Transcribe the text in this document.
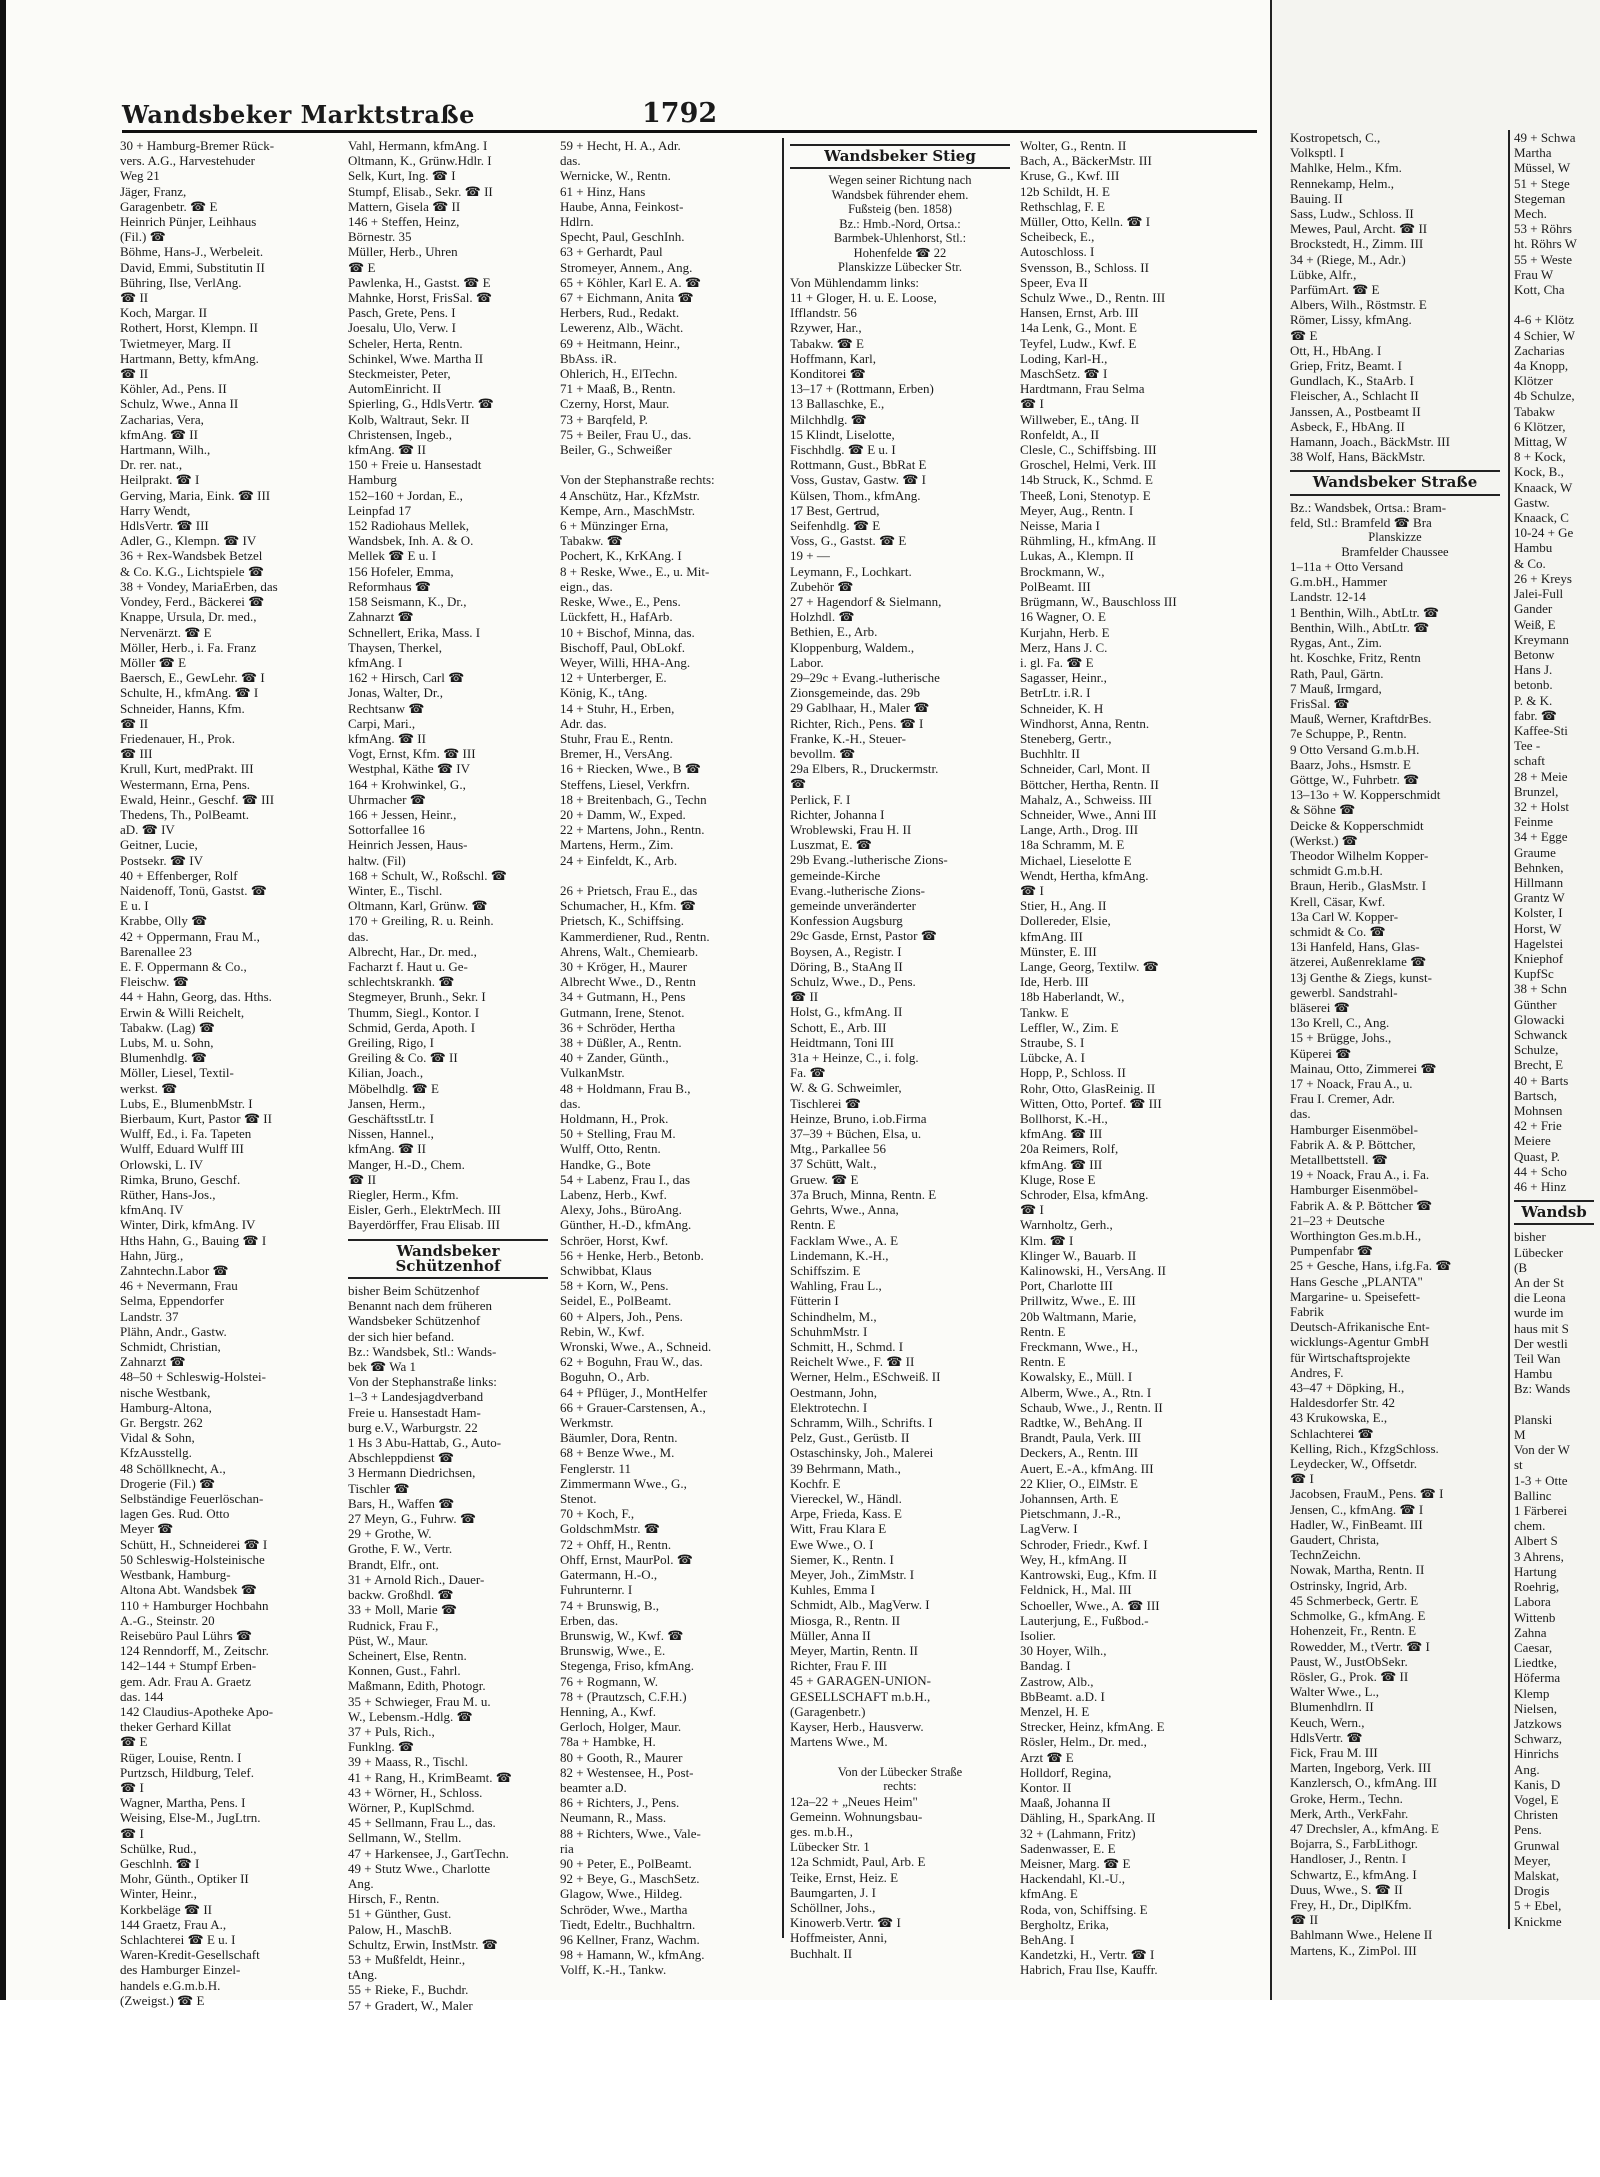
Wandsbeker Marktstraße	1792
30 + Hamburg-Bremer Rück-
vers. A.G., Harvestehuder
Weg 21
Jäger, Franz,
Garagenbetr. ☎ E
Heinrich Pünjer, Leihhaus
(Fil.) ☎
Böhme, Hans-J., Werbeleit.
David, Emmi, Substitutin II
Bühring, Ilse, VerlAng.
☎ II
Koch, Margar. II
Rothert, Horst, Klempn. II
Twietmeyer, Marg. II
Hartmann, Betty, kfmAng.
☎ II
Köhler, Ad., Pens. II
Schulz, Wwe., Anna II
Zacharias, Vera,
kfmAng. ☎ II
Hartmann, Wilh.,
Dr. rer. nat.,
Heilprakt. ☎ I
Gerving, Maria, Eink. ☎ III
Harry Wendt,
HdlsVertr. ☎ III
Adler, G., Klempn. ☎ IV
36 + Rex-Wandsbek Betzel
& Co. K.G., Lichtspiele ☎
38 + Vondey, MariaErben, das
Vondey, Ferd., Bäckerei ☎
Knappe, Ursula, Dr. med.,
Nervenärzt. ☎ E
Möller, Herb., i. Fa. Franz
Möller ☎ E
Baersch, E., GewLehr. ☎ I
Schulte, H., kfmAng. ☎ I
Schneider, Hanns, Kfm.
☎ II
Friedenauer, H., Prok.
☎ III
Krull, Kurt, medPrakt. III
Westermann, Erna, Pens.
Ewald, Heinr., Geschf. ☎ III
Thedens, Th., PolBeamt.
aD. ☎ IV
Geitner, Lucie,
Postsekr. ☎ IV
40 + Effenberger, Rolf
Naidenoff, Tonü, Gastst. ☎
E u. I
Krabbe, Olly ☎
42 + Oppermann, Frau M.,
Barenallee 23
E. F. Oppermann & Co.,
Fleischw. ☎
44 + Hahn, Georg, das. Hths.
Erwin & Willi Reichelt,
Tabakw. (Lag) ☎
Lubs, M. u. Sohn,
Blumenhdlg. ☎
Möller, Liesel, Textil-
werkst. ☎
Lubs, E., BlumenbMstr. I
Bierbaum, Kurt, Pastor ☎ II
Wulff, Ed., i. Fa. Tapeten
Wulff, Eduard Wulff III
Orlowski, L. IV
Rimka, Bruno, Geschf.
Rüther, Hans-Jos.,
kfmAnq. IV
Winter, Dirk, kfmAng. IV
Hths Hahn, G., Bauing ☎ I
Hahn, Jürg.,
Zahntechn.Labor ☎
46 + Nevermann, Frau
Selma, Eppendorfer
Landstr. 37
Plähn, Andr., Gastw.
Schmidt, Christian,
Zahnarzt ☎
48–50 + Schleswig-Holstei-
nische Westbank,
Hamburg-Altona,
Gr. Bergstr. 262
Vidal & Sohn,
KfzAusstellg.
48 Schöllknecht, A.,
Drogerie (Fil.) ☎
Selbständige Feuerlöschan-
lagen Ges. Rud. Otto
Meyer ☎
Schütt, H., Schneiderei ☎ I
50 Schleswig-Holsteinische
Westbank, Hamburg-
Altona Abt. Wandsbek ☎
110 + Hamburger Hochbahn
A.-G., Steinstr. 20
Reisebüro Paul Lührs ☎
124 Renndorff, M., Zeitschr.
142–144 + Stumpf Erben-
gem. Adr. Frau A. Graetz
das. 144
142 Claudius-Apotheke Apo-
theker Gerhard Killat
☎ E
Rüger, Louise, Rentn. I
Purtzsch, Hildburg, Telef.
☎ I
Wagner, Martha, Pens. I
Weising, Else-M., JugLtrn.
☎ I
Schülke, Rud.,
Geschlnh. ☎ I
Mohr, Günth., Optiker II
Winter, Heinr.,
Korkbeläge ☎ II
144 Graetz, Frau A.,
Schlachterei ☎ E u. I
Waren-Kredit-Gesellschaft
des Hamburger Einzel-
handels e.G.m.b.H.
(Zweigst.) ☎ E
Vahl, Hermann, kfmAng. I
Oltmann, K., Grünw.Hdlr. I
Selk, Kurt, Ing. ☎ I
Stumpf, Elisab., Sekr. ☎ II
Mattern, Gisela ☎ II
146 + Steffen, Heinz,
Börnestr. 35
Müller, Herb., Uhren
☎ E
Pawlenka, H., Gastst. ☎ E
Mahnke, Horst, FrisSal. ☎
Pasch, Grete, Pens. I
Joesalu, Ulo, Verw. I
Scheler, Herta, Rentn.
Schinkel, Wwe. Martha II
Steckmeister, Peter,
AutomEinricht. II
Spierling, G., HdlsVertr. ☎
Kolb, Waltraut, Sekr. II
Christensen, Ingeb.,
kfmAng. ☎ II
150 + Freie u. Hansestadt
Hamburg
152–160 + Jordan, E.,
Leinpfad 17
152 Radiohaus Mellek,
Wandsbek, Inh. A. & O.
Mellek ☎ E u. I
156 Hofeler, Emma,
Reformhaus ☎
158 Seismann, K., Dr.,
Zahnarzt ☎
Schnellert, Erika, Mass. I
Thaysen, Therkel,
kfmAng. I
162 + Hirsch, Carl ☎
Jonas, Walter, Dr.,
Rechtsanw ☎
Carpi, Mari.,
kfmAng. ☎ II
Vogt, Ernst, Kfm. ☎ III
Westphal, Käthe ☎ IV
164 + Krohwinkel, G.,
Uhrmacher ☎
166 + Jessen, Heinr.,
Sottorfallee 16
Heinrich Jessen, Haus-
haltw. (Fil)
168 + Schult, W., Roßschl. ☎
Winter, E., Tischl.
Oltmann, Karl, Grünw. ☎
170 + Greiling, R. u. Reinh.
das.
Albrecht, Har., Dr. med.,
Facharzt f. Haut u. Ge-
schlechtskrankh. ☎
Stegmeyer, Brunh., Sekr. I
Thumm, Siegl., Kontor. I
Schmid, Gerda, Apoth. I
Greiling, Rigo, I
Greiling & Co. ☎ II
Kilian, Joach.,
Möbelhdlg. ☎ E
Jansen, Herm.,
GeschäftsstLtr. I
Nissen, Hannel.,
kfmAng. ☎ II
Manger, H.-D., Chem.
☎ II
Riegler, Herm., Kfm.
Eisler, Gerh., ElektrMech. III
Bayerdörffer, Frau Elisab. III
Wandsbeker Schützenhof
bisher Beim Schützenhof
Benannt nach dem früheren
Wandsbeker Schützenhof
der sich hier befand.
Bz.: Wandsbek, Stl.: Wands-
bek ☎ Wa 1
Von der Stephanstraße links:
1–3 + Landesjagdverband
Freie u. Hansestadt Ham-
burg e.V., Warburgstr. 22
1 Hs 3 Abu-Hattab, G., Auto-
Abschleppdienst ☎
3 Hermann Diedrichsen,
Tischler ☎
Bars, H., Waffen ☎
27 Meyn, G., Fuhrw. ☎
29 + Grothe, W.
Grothe, F. W., Vertr.
Brandt, Elfr., ont.
31 + Arnold Rich., Dauer-
backw. Großhdl. ☎
33 + Moll, Marie ☎
Rudnick, Frau F.,
Püst, W., Maur.
Scheinert, Else, Rentn.
Konnen, Gust., Fahrl.
Maßmann, Edith, Photogr.
35 + Schwieger, Frau M. u.
W., Lebensm.-Hdlg. ☎
37 + Puls, Rich.,
Funklng. ☎
39 + Maass, R., Tischl.
41 + Rang, H., KrimBeamt. ☎
43 + Wörner, H., Schloss.
Wörner, P., KuplSchmd.
45 + Sellmann, Frau L., das.
Sellmann, W., Stellm.
47 + Harkensee, J., GartTechn.
49 + Stutz Wwe., Charlotte
Ang.
Hirsch, F., Rentn.
51 + Günther, Gust.
Palow, H., MaschB.
Schultz, Erwin, InstMstr. ☎
53 + Mußfeldt, Heinr.,
tAng.
55 + Rieke, F., Buchdr.
57 + Gradert, W., Maler
59 + Hecht, H. A., Adr.
das.
Wernicke, W., Rentn.
61 + Hinz, Hans
Haube, Anna, Feinkost-
Hdlrn.
Specht, Paul, GeschInh.
63 + Gerhardt, Paul
Stromeyer, Annem., Ang.
65 + Köhler, Karl E. A. ☎
67 + Eichmann, Anita ☎
Herbers, Rud., Redakt.
Lewerenz, Alb., Wächt.
69 + Heitmann, Heinr.,
BbAss. iR.
Ohlerich, H., ElTechn.
71 + Maaß, B., Rentn.
Czerny, Horst, Maur.
73 + Barqfeld, P.
75 + Beiler, Frau U., das.
Beiler, G., Schweißer

Von der Stephanstraße rechts:
4 Anschütz, Har., KfzMstr.
Kempe, Arn., MaschMstr.
6 + Münzinger Erna,
Tabakw. ☎
Pochert, K., KrKAng. I
8 + Reske, Wwe., E., u. Mit-
eign., das.
Reske, Wwe., E., Pens.
Lückfett, H., HafArb.
10 + Bischof, Minna, das.
Bischoff, Paul, ObLokf.
Weyer, Willi, HHA-Ang.
12 + Unterberger, E.
König, K., tAng.
14 + Stuhr, H., Erben,
Adr. das.
Stuhr, Frau E., Rentn.
Bremer, H., VersAng.
16 + Riecken, Wwe., B ☎
Steffens, Liesel, Verkfrn.
18 + Breitenbach, G., Techn
20 + Damm, W., Exped.
22 + Martens, John., Rentn.
Martens, Herm., Zim.
24 + Einfeldt, K., Arb.

26 + Prietsch, Frau E., das
Schumacher, H., Kfm. ☎
Prietsch, K., Schiffsing.
Kammerdiener, Rud., Rentn.
Ahrens, Walt., Chemiearb.
30 + Kröger, H., Maurer
Albrecht Wwe., D., Rentn
34 + Gutmann, H., Pens
Gutmann, Irene, Stenot.
36 + Schröder, Hertha
38 + Düßler, A., Rentn.
40 + Zander, Günth.,
VulkanMstr.
48 + Holdmann, Frau B.,
das.
Holdmann, H., Prok.
50 + Stelling, Frau M.
Wulff, Otto, Rentn.
Handke, G., Bote
54 + Labenz, Frau I., das
Labenz, Herb., Kwf.
Alexy, Johs., BüroAng.
Günther, H.-D., kfmAng.
Schröer, Horst, Kwf.
56 + Henke, Herb., Betonb.
Schwibbat, Klaus
58 + Korn, W., Pens.
Seidel, E., PolBeamt.
60 + Alpers, Joh., Pens.
Rebin, W., Kwf.
Wronski, Wwe., A., Schneid.
62 + Boguhn, Frau W., das.
Boguhn, O., Arb.
64 + Pflüger, J., MontHelfer
66 + Grauer-Carstensen, A.,
Werkmstr.
Bäumler, Dora, Rentn.
68 + Benze Wwe., M.
Fenglerstr. 11
Zimmermann Wwe., G.,
Stenot.
70 + Koch, F.,
GoldschmMstr. ☎
72 + Ohff, H., Rentn.
Ohff, Ernst, MaurPol. ☎
Gatermann, H.-O.,
Fuhrunternr. I
74 + Brunswig, B.,
Erben, das.
Brunswig, W., Kwf. ☎
Brunswig, Wwe., E.
Stegenga, Friso, kfmAng.
76 + Rogmann, W.
78 + (Prautzsch, C.F.H.)
Henning, A., Kwf.
Gerloch, Holger, Maur.
78a + Hambke, H.
80 + Gooth, R., Maurer
82 + Westensee, H., Post-
beamter a.D.
86 + Richters, J., Pens.
Neumann, R., Mass.
88 + Richters, Wwe., Vale-
ria
90 + Peter, E., PolBeamt.
92 + Beye, G., MaschSetz.
Glagow, Wwe., Hildeg.
Schröder, Wwe., Martha
Tiedt, Edeltr., Buchhaltrn.
96 Kellner, Franz, Wachm.
98 + Hamann, W., kfmAng.
Volff, K.-H., Tankw.
Wandsbeker Stieg
Wegen seiner Richtung nach
Wandsbek führender ehem.
Fußsteig (ben. 1858)
Bz.: Hmb.-Nord, Ortsa.:
Barmbek-Uhlenhorst, Stl.:
Hohenfelde ☎ 22
Planskizze Lübecker Str.
Von Mühlendamm links:
11 + Gloger, H. u. E. Loose,
Ifflandstr. 56
Rzywer, Har.,
Tabakw. ☎ E
Hoffmann, Karl,
Konditorei ☎
13–17 + (Rottmann, Erben)
13 Ballaschke, E.,
Milchhdlg. ☎
15 Klindt, Liselotte,
Fischhdlg. ☎ E u. I
Rottmann, Gust., BbRat E
Voss, Gustav, Gastw. ☎ I
Külsen, Thom., kfmAng.
17 Best, Gertrud,
Seifenhdlg. ☎ E
Voss, G., Gastst. ☎ E
19 + —
Leymann, F., Lochkart.
Zubehör ☎
27 + Hagendorf & Sielmann,
Holzhdl. ☎
Bethien, E., Arb.
Kloppenburg, Waldem.,
Labor.
29–29c + Evang.-lutherische
Zionsgemeinde, das. 29b
29 Gablhaar, H., Maler ☎
Richter, Rich., Pens. ☎ I
Franke, K.-H., Steuer-
bevollm. ☎
29a Elbers, R., Druckermstr.
☎
Perlick, F. I
Richter, Johanna I
Wroblewski, Frau H. II
Luszmat, E. ☎
29b Evang.-lutherische Zions-
gemeinde-Kirche
Evang.-lutherische Zions-
gemeinde unveränderter
Konfession Augsburg
29c Gasde, Ernst, Pastor ☎
Boysen, A., Registr. I
Döring, B., StaAng II
Schulz, Wwe., D., Pens.
☎ II
Holst, G., kfmAng. II
Schott, E., Arb. III
Heidtmann, Toni III
31a + Heinze, C., i. folg.
Fa. ☎
W. & G. Schweimler,
Tischlerei ☎
Heinze, Bruno, i.ob.Firma
37–39 + Büchen, Elsa, u.
Mtg., Parkallee 56
37 Schütt, Walt.,
Gruew. ☎ E
37a Bruch, Minna, Rentn. E
Gehrts, Wwe., Anna,
Rentn. E
Facklam Wwe., A. E
Lindemann, K.-H.,
Schiffszim. E
Wahling, Frau L.,
Fütterin I
Schindhelm, M.,
SchuhmMstr. I
Schmitt, H., Schmd. I
Reichelt Wwe., F. ☎ II
Werner, Helm., ESchweiß. II
Oestmann, John,
Elektrotechn. I
Schramm, Wilh., Schrifts. I
Pelz, Gust., Gerüstb. II
Ostaschinsky, Joh., Malerei
39 Behrmann, Math.,
Kochfr. E
Viereckel, W., Händl.
Arpe, Frieda, Kass. E
Witt, Frau Klara E
Ewe Wwe., O. I
Siemer, K., Rentn. I
Meyer, Joh., ZimMstr. I
Kuhles, Emma I
Schmidt, Alb., MagVerw. I
Miosga, R., Rentn. II
Müller, Anna II
Meyer, Martin, Rentn. II
Richter, Frau F. III
45 + GARAGEN-UNION-
GESELLSCHAFT m.b.H.,
(Garagenbetr.)
Kayser, Herb., Hausverw.
Martens Wwe., M.

Von der Lübecker Straße
rechts:
12a–22 + „Neues Heim"
Gemeinn. Wohnungsbau-
ges. m.b.H.,
Lübecker Str. 1
12a Schmidt, Paul, Arb. E
Teike, Ernst, Heiz. E
Baumgarten, J. I
Schöllner, Johs.,
Kinowerb.Vertr. ☎ I
Hoffmeister, Anni,
Buchhalt. II
Wolter, G., Rentn. II
Bach, A., BäckerMstr. III
Kruse, G., Kwf. III
12b Schildt, H. E
Rethschlag, F. E
Müller, Otto, Kelln. ☎ I
Scheibeck, E.,
Autoschloss. I
Svensson, B., Schloss. II
Speer, Eva II
Schulz Wwe., D., Rentn. III
Hansen, Ernst, Arb. III
14a Lenk, G., Mont. E
Teyfel, Ludw., Kwf. E
Loding, Karl-H.,
MaschSetz. ☎ I
Hardtmann, Frau Selma
☎ I
Willweber, E., tAng. II
Ronfeldt, A., II
Clesle, C., Schiffsbing. III
Groschel, Helmi, Verk. III
14b Struck, K., Schmd. E
Theeß, Loni, Stenotyp. E
Meyer, Aug., Rentn. I
Neisse, Maria I
Rühmling, H., kfmAng. II
Lukas, A., Klempn. II
Brockmann, W.,
PolBeamt. III
Brügmann, W., Bauschloss III
16 Wagner, O. E
Kurjahn, Herb. E
Merz, Hans J. C.
i. gl. Fa. ☎ E
Sagasser, Heinr.,
BetrLtr. i.R. I
Schneider, K. H
Windhorst, Anna, Rentn.
Steneberg, Gertr.,
Buchhltr. II
Schneider, Carl, Mont. II
Böttcher, Hertha, Rentn. II
Mahalz, A., Schweiss. III
Schneider, Wwe., Anni III
Lange, Arth., Drog. III
18a Schramm, M. E
Michael, Lieselotte E
Wendt, Hertha, kfmAng.
☎ I
Stier, H., Ang. II
Dollereder, Elsie,
kfmAng. III
Münster, E. III
Lange, Georg, Textilw. ☎
Ide, Herb. III
18b Haberlandt, W.,
Tankw. E
Leffler, W., Zim. E
Straube, S. I
Lübcke, A. I
Hopp, P., Schloss. II
Rohr, Otto, GlasReinig. II
Witten, Otto, Portef. ☎ III
Bollhorst, K.-H.,
kfmAng. ☎ III
20a Reimers, Rolf,
kfmAng. ☎ III
Kluge, Rose E
Schroder, Elsa, kfmAng.
☎ I
Warnholtz, Gerh.,
Klm. ☎ I
Klinger W., Bauarb. II
Kalinowski, H., VersAng. II
Port, Charlotte III
Prillwitz, Wwe., E. III
20b Waltmann, Marie,
Rentn. E
Freckmann, Wwe., H.,
Rentn. E
Kowalsky, E., Müll. I
Alberm, Wwe., A., Rtn. I
Schaub, Wwe., J., Rentn. II
Radtke, W., BehAng. II
Brandt, Paula, Verk. III
Deckers, A., Rentn. III
Auert, E.-A., kfmAng. III
22 Klier, O., ElMstr. E
Johannsen, Arth. E
Pietschmann, J.-R.,
LagVerw. I
Schroder, Friedr., Kwf. I
Wey, H., kfmAng. II
Kantrowski, Eug., Kfm. II
Feldnick, H., Mal. III
Schoeller, Wwe., A. ☎ III
Lauterjung, E., Fußbod.-
Isolier.
30 Hoyer, Wilh.,
Bandag. I
Zastrow, Alb.,
BbBeamt. a.D. I
Menzel, H. E
Strecker, Heinz, kfmAng. E
Rösler, Helm., Dr. med.,
Arzt ☎ E
Holldorf, Regina,
Kontor. II
Maaß, Johanna II
Dähling, H., SparkAng. II
32 + (Lahmann, Fritz)
Sadenwasser, E. E
Meisner, Marg. ☎ E
Hackendahl, Kl.-U.,
kfmAng. E
Roda, von, Schiffsing. E
Bergholtz, Erika,
BehAng. I
Kandetzki, H., Vertr. ☎ I
Habrich, Frau Ilse, Kauffr.
Kostropetsch, C.,
Volksptl. I
Mahlke, Helm., Kfm.
Rennekamp, Helm.,
Bauing. II
Sass, Ludw., Schloss. II
Mewes, Paul, Archt. ☎ II
Brockstedt, H., Zimm. III
34 + (Riege, M., Adr.)
Lübke, Alfr.,
ParfümArt. ☎ E
Albers, Wilh., Röstmstr. E
Römer, Lissy, kfmAng.
☎ E
Ott, H., HbAng. I
Griep, Fritz, Beamt. I
Gundlach, K., StaArb. I
Fleischer, A., Schlacht II
Janssen, A., Postbeamt II
Asbeck, F., HbAng. II
Hamann, Joach., BäckMstr. III
38 Wolf, Hans, BäckMstr.
Wandsbeker Straße
Bz.: Wandsbek, Ortsa.: Bram-
feld, Stl.: Bramfeld ☎ Bra
Planskizze
Bramfelder Chaussee
1–11a + Otto Versand
G.m.bH., Hammer
Landstr. 12-14
1 Benthin, Wilh., AbtLtr. ☎
Benthin, Wilh., AbtLtr. ☎
Rygas, Ant., Zim.
ht. Koschke, Fritz, Rentn
Rath, Paul, Gärtn.
7 Mauß, Irmgard,
FrisSal. ☎
Mauß, Werner, KraftdrBes.
7e Schuppe, P., Rentn.
9 Otto Versand G.m.b.H.
Baarz, Johs., Hsmstr. E
Göttge, W., Fuhrbetr. ☎
13–13o + W. Kopperschmidt
& Söhne ☎
Deicke & Kopperschmidt
(Werkst.) ☎
Theodor Wilhelm Kopper-
schmidt G.m.b.H.
Braun, Herib., GlasMstr. I
Krell, Cäsar, Kwf.
13a Carl W. Kopper-
schmidt & Co. ☎
13i Hanfeld, Hans, Glas-
ätzerei, Außenreklame ☎
13j Genthe & Ziegs, kunst-
gewerbl. Sandstrahl-
bläserei ☎
13o Krell, C., Ang.
15 + Brügge, Johs.,
Küperei ☎
Mainau, Otto, Zimmerei ☎
17 + Noack, Frau A., u.
Frau I. Cremer, Adr.
das.
Hamburger Eisenmöbel-
Fabrik A. & P. Böttcher,
Metallbettstell. ☎
19 + Noack, Frau A., i. Fa.
Hamburger Eisenmöbel-
Fabrik A. & P. Böttcher ☎
21–23 + Deutsche
Worthington Ges.m.b.H.,
Pumpenfabr ☎
25 + Gesche, Hans, i.fg.Fa. ☎
Hans Gesche „PLANTA"
Margarine- u. Speisefett-
Fabrik
Deutsch-Afrikanische Ent-
wicklungs-Agentur GmbH
für Wirtschaftsprojekte
Andres, F.
43–47 + Döpking, H.,
Haldesdorfer Str. 42
43 Krukowska, E.,
Schlachterei ☎
Kelling, Rich., KfzgSchloss.
Leydecker, W., Offsetdr.
☎ I
Jacobsen, FrauM., Pens. ☎ I
Jensen, C., kfmAng. ☎ I
Hadler, W., FinBeamt. III
Gaudert, Christa,
TechnZeichn.
Nowak, Martha, Rentn. II
Ostrinsky, Ingrid, Arb.
45 Schmerbeck, Gertr. E
Schmolke, G., kfmAng. E
Hohenzeit, Fr., Rentn. E
Rowedder, M., tVertr. ☎ I
Paust, W., JustObSekr.
Rösler, G., Prok. ☎ II
Walter Wwe., L.,
Blumenhdlrn. II
Keuch, Wern.,
HdlsVertr. ☎
Fick, Frau M. III
Marten, Ingeborg, Verk. III
Kanzlersch, O., kfmAng. III
Groke, Herm., Techn.
Merk, Arth., VerkFahr.
47 Drechsler, A., kfmAng. E
Bojarra, S., FarbLithogr.
Handloser, J., Rentn. I
Schwartz, E., kfmAng. I
Duus, Wwe., S. ☎ II
Frey, H., Dr., DiplKfm.
☎ II
Bahlmann Wwe., Helene II
Martens, K., ZimPol. III
49 + Schwa
Martha
Müssel, W
51 + Stege
Stegeman
Mech.
53 + Röhrs
ht. Röhrs W
55 + Weste
Frau W
Kott, Cha

4-6 + Klötz
4 Schier, W
Zacharias
4a Knopp,
Klötzer
4b Schulze,
Tabakw
6 Klötzer,
Mittag, W
8 + Kock,
Kock, B.,
Knaack, W
Gastw.
Knaack, C
10-24 + Ge
Hambu
& Co.
26 + Kreys
Jalei-Full
Gander
Weiß, E
Kreymann
Betonw
Hans J.
betonb.
P. & K.
fabr. ☎
Kaffee-Sti
Tee -
schaft
28 + Meie
Brunzel,
32 + Holst
Feinme
34 + Egge
Graume
Behnken,
Hillmann
Grantz W
Kolster, I
Horst, W
Hagelstei
Kniephof
KupfSc
38 + Schn
Günther
Glowacki
Schwanck
Schulze,
Brecht, E
40 + Barts
Bartsch,
Mohnsen
42 + Frie
Meiere
Quast, P.
44 + Scho
46 + Hinz
Wandsb
bisher
Lübecker
(B
An der St
die Leona
wurde im
haus mit S
Der westli
Teil Wan
Hambu
Bz: Wands

Planski
M
Von der W
st
1-3 + Otte
Ballinc
1 Färberei
chem.
Albert S
3 Ahrens,
Hartung
Roehrig,
Labora
Wittenb
Zahna
Caesar,
Liedtke,
Höferma
Klemp
Nielsen,
Jatzkows
Schwarz,
Hinrichs
Ang.
Kanis, D
Vogel, E
Christen
Pens.
Grunwal
Meyer,
Malskat,
Drogis
5 + Ebel,
Knickme
